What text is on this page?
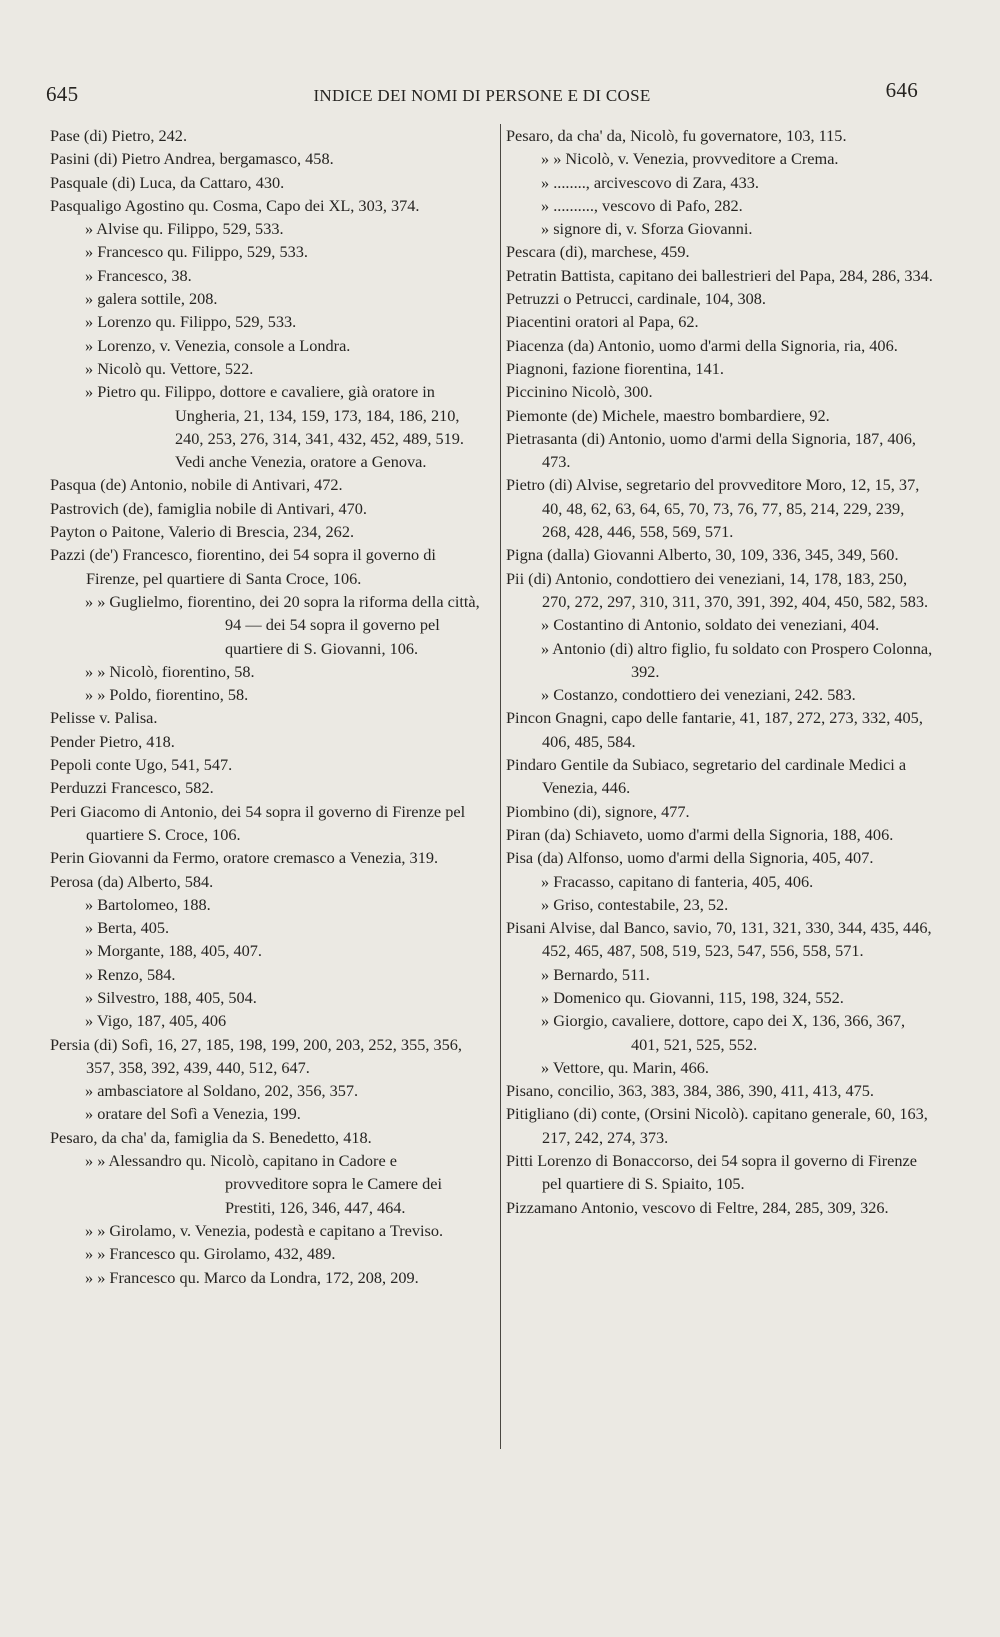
645	INDICE DEI NOMI DI PERSONE E DI COSE	646

Pase (di) Pietro, 242.

Pasini (di) Pietro Andrea, bergamasco, 458.

Pasquale (di) Luca, da Cattaro, 430.

Pasqualigo Agostino qu. Cosma, Capo dei XL, 303, 374.

» Alvise qu. Filippo, 529, 533.

» Francesco qu. Filippo, 529, 533.

» Francesco, 38.

» galera sottile, 208.

» Lorenzo qu. Filippo, 529, 533.

» Lorenzo, v. Venezia, console a Londra.

» Nicolò qu. Vettore, 522.

» Pietro qu. Filippo, dottore e cavaliere, già oratore in Ungheria, 21, 134, 159, 173, 184, 186, 210, 240, 253, 276, 314, 341, 432, 452, 489, 519. Vedi anche Venezia, oratore a Genova.

Pasqua (de) Antonio, nobile di Antivari, 472.

Pastrovich (de), famiglia nobile di Antivari, 470.

Payton o Paitone, Valerio di Brescia, 234, 262.

Pazzi (de') Francesco, fiorentino, dei 54 sopra il governo di Firenze, pel quartiere di Santa Croce, 106.

» » Guglielmo, fiorentino, dei 20 sopra la riforma della città, 94 — dei 54 sopra il governo pel quartiere di S. Giovanni, 106.

» » Nicolò, fiorentino, 58.

» » Poldo, fiorentino, 58.

Pelisse v. Palisa.

Pender Pietro, 418.

Pepoli conte Ugo, 541, 547.

Perduzzi Francesco, 582.

Peri Giacomo di Antonio, dei 54 sopra il governo di Firenze pel quartiere S. Croce, 106.

Perin Giovanni da Fermo, oratore cremasco a Venezia, 319.

Perosa (da) Alberto, 584.

» Bartolomeo, 188.

» Berta, 405.

» Morgante, 188, 405, 407.

» Renzo, 584.

» Silvestro, 188, 405, 504.

» Vigo, 187, 405, 406

Persia (di) Sofì, 16, 27, 185, 198, 199, 200, 203, 252, 355, 356, 357, 358, 392, 439, 440, 512, 647.

» ambasciatore al Soldano, 202, 356, 357.

» oratare del Sofì a Venezia, 199.

Pesaro, da cha' da, famiglia da S. Benedetto, 418.

» » Alessandro qu. Nicolò, capitano in Cadore e provveditore sopra le Camere dei Prestiti, 126, 346, 447, 464.

» » Girolamo, v. Venezia, podestà e capitano a Treviso.

» » Francesco qu. Girolamo, 432, 489.

» » Francesco qu. Marco da Londra, 172, 208, 209.

Pesaro, da cha' da, Nicolò, fu governatore, 103, 115.

» » Nicolò, v. Venezia, provveditore a Crema.

» ........, arcivescovo di Zara, 433.

» .........., vescovo di Pafo, 282.

» signore di, v. Sforza Giovanni.

Pescara (di), marchese, 459.

Petratin Battista, capitano dei ballestrieri del Papa, 284, 286, 334.

Petruzzi o Petrucci, cardinale, 104, 308.

Piacentini oratori al Papa, 62.

Piacenza (da) Antonio, uomo d'armi della Signoria, ria, 406.

Piagnoni, fazione fiorentina, 141.

Piccinino Nicolò, 300.

Piemonte (de) Michele, maestro bombardiere, 92.

Pietrasanta (di) Antonio, uomo d'armi della Signoria, 187, 406, 473.

Pietro (di) Alvise, segretario del provveditore Moro, 12, 15, 37, 40, 48, 62, 63, 64, 65, 70, 73, 76, 77, 85, 214, 229, 239, 268, 428, 446, 558, 569, 571.

Pigna (dalla) Giovanni Alberto, 30, 109, 336, 345, 349, 560.

Pii (di) Antonio, condottiero dei veneziani, 14, 178, 183, 250, 270, 272, 297, 310, 311, 370, 391, 392, 404, 450, 582, 583.

» Costantino di Antonio, soldato dei veneziani, 404.

» Antonio (di) altro figlio, fu soldato con Prospero Colonna, 392.

» Costanzo, condottiero dei veneziani, 242. 583.

Pincon Gnagni, capo delle fantarie, 41, 187, 272, 273, 332, 405, 406, 485, 584.

Pindaro Gentile da Subiaco, segretario del cardinale Medici a Venezia, 446.

Piombino (di), signore, 477.

Piran (da) Schiaveto, uomo d'armi della Signoria, 188, 406.

Pisa (da) Alfonso, uomo d'armi della Signoria, 405, 407.

» Fracasso, capitano di fanteria, 405, 406.

» Griso, contestabile, 23, 52.

Pisani Alvise, dal Banco, savio, 70, 131, 321, 330, 344, 435, 446, 452, 465, 487, 508, 519, 523, 547, 556, 558, 571.

» Bernardo, 511.

» Domenico qu. Giovanni, 115, 198, 324, 552.

» Giorgio, cavaliere, dottore, capo dei X, 136, 366, 367, 401, 521, 525, 552.

» Vettore, qu. Marin, 466.

Pisano, concilio, 363, 383, 384, 386, 390, 411, 413, 475.

Pitigliano (di) conte, (Orsini Nicolò). capitano generale, 60, 163, 217, 242, 274, 373.

Pitti Lorenzo di Bonaccorso, dei 54 sopra il governo di Firenze pel quartiere di S. Spiaito, 105.

Pizzamano Antonio, vescovo di Feltre, 284, 285, 309, 326.
